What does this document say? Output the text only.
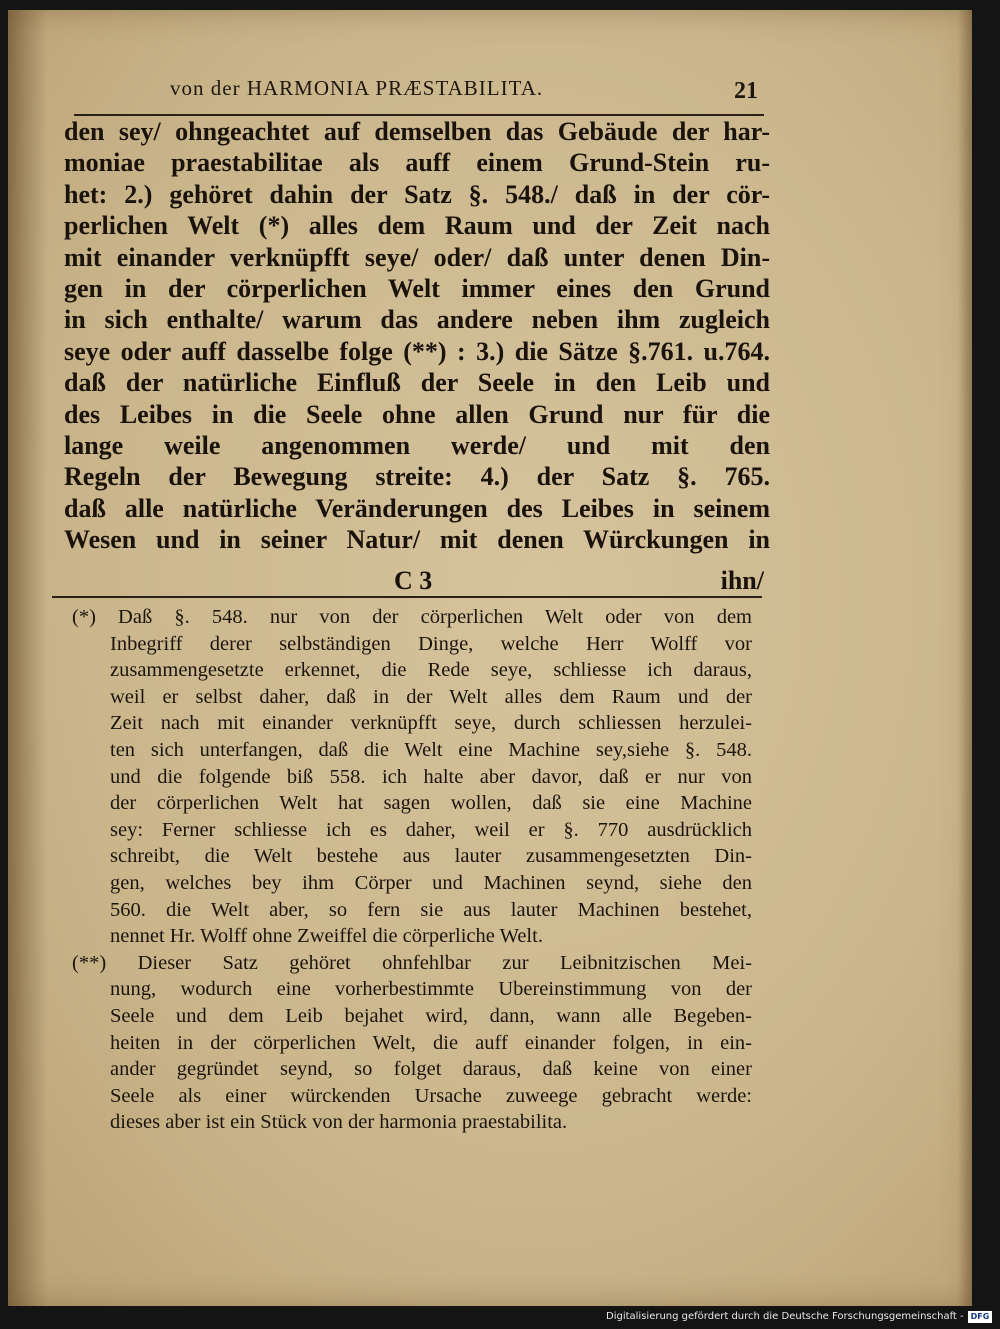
von der HARMONIA PRÆSTABILITA.	21
den sey/ ohngeachtet auf demselben das Gebäude der har-
moniae praestabilitae als auff einem Grund-Stein ru-
het: 2.) gehöret dahin der Satz §. 548./ daß in der cör-
perlichen Welt (*) alles dem Raum und der Zeit nach
mit einander verknüpfft seye/ oder/ daß unter denen Din-
gen in der cörperlichen Welt immer eines den Grund
in sich enthalte/ warum das andere neben ihm zugleich
seye oder auff dasselbe folge (**) : 3.) die Sätze §.761. u.764.
daß der natürliche Einfluß der Seele in den Leib und
des Leibes in die Seele ohne allen Grund nur für die
lange weile angenommen werde/ und mit den
Regeln der Bewegung streite: 4.) der Satz §. 765.
daß alle natürliche Veränderungen des Leibes in seinem
Wesen und in seiner Natur/ mit denen Würckungen in
C 3	ihn/
(*) Daß §. 548. nur von der cörperlichen Welt oder von dem
Inbegriff derer selbständigen Dinge, welche Herr Wolff vor
zusammengesetzte erkennet, die Rede seye, schliesse ich daraus,
weil er selbst daher, daß in der Welt alles dem Raum und der
Zeit nach mit einander verknüpfft seye, durch schliessen herzulei-
ten sich unterfangen, daß die Welt eine Machine sey,siehe §. 548.
und die folgende biß 558. ich halte aber davor, daß er nur von
der cörperlichen Welt hat sagen wollen, daß sie eine Machine
sey: Ferner schliesse ich es daher, weil er §. 770 ausdrücklich
schreibt, die Welt bestehe aus lauter zusammengesetzten Din-
gen, welches bey ihm Cörper und Machinen seynd, siehe den
560. die Welt aber, so fern sie aus lauter Machinen bestehet,
nennet Hr. Wolff ohne Zweiffel die cörperliche Welt.
(**) Dieser Satz gehöret ohnfehlbar zur Leibnitzischen Mei-
nung, wodurch eine vorherbestimmte Ubereinstimmung von der
Seele und dem Leib bejahet wird, dann, wann alle Begeben-
heiten in der cörperlichen Welt, die auff einander folgen, in ein-
ander gegründet seynd, so folget daraus, daß keine von einer
Seele als einer würckenden Ursache zuweege gebracht werde:
dieses aber ist ein Stück von der harmonia praestabilita.
Digitalisierung gefördert durch die Deutsche Forschungsgemeinschaft - DFG
